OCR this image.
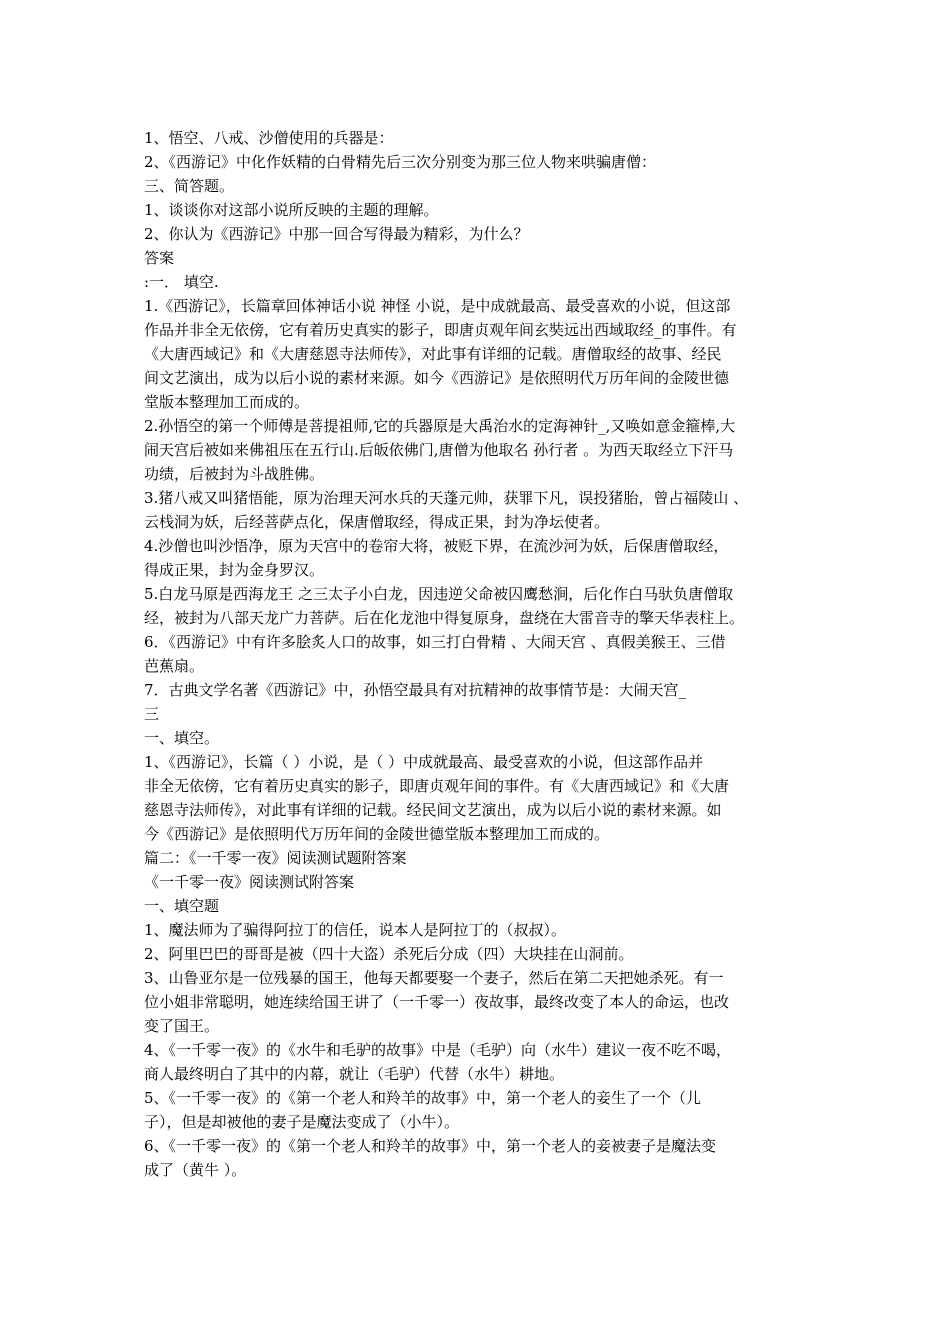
1、悟空、八戒、沙僧使用的兵器是：

2、《西游记》中化作妖精的白骨精先后三次分别变为那三位人物来哄骗唐僧：

三、简答题。

1、谈谈你对这部小说所反映的主题的理解。

2、你认为《西游记》中那一回合写得最为精彩，为什么？

答案

:一． 填空.

1.《西游记》，长篇章回体神话小说 神怪 小说，是中成就最高、最受喜欢的小说，但这部

作品并非全无依傍，它有着历史真实的影子，即唐贞观年间玄奘远出西域取经_的事件。有

《大唐西域记》和《大唐慈恩寺法师传》，对此事有详细的记载。唐僧取经的故事、经民

间文艺演出，成为以后小说的素材来源。如今《西游记》是依照明代万历年间的金陵世德

堂版本整理加工而成的。

2.孙悟空的第一个师傅是菩提祖师,它的兵器原是大禹治水的定海神针_,又唤如意金箍棒,大

闹天宫后被如来佛祖压在五行山.后皈依佛门,唐僧为他取名 孙行者 。为西天取经立下汗马

功绩，后被封为斗战胜佛。

3.猪八戒又叫猪悟能，原为治理天河水兵的天蓬元帅，获罪下凡，误投猪胎，曾占福陵山 、

云栈洞为妖，后经菩萨点化，保唐僧取经，得成正果，封为净坛使者。

4.沙僧也叫沙悟净，原为天宫中的卷帘大将，被贬下界，在流沙河为妖，后保唐僧取经，

得成正果，封为金身罗汉。

5.白龙马原是西海龙王 之三太子小白龙，因违逆父命被囚鹰愁涧，后化作白马驮负唐僧取

经，被封为八部天龙广力菩萨。后在化龙池中得复原身，盘绕在大雷音寺的擎天华表柱上。

6．《西游记》中有许多脍炙人口的故事，如三打白骨精 、大闹天宫 、真假美猴王、三借

芭蕉扇。

7．古典文学名著《西游记》中，孙悟空最具有对抗精神的故事情节是：大闹天宫_

三

一、填空。

1、《西游记》，长篇（ ）小说，是（ ）中成就最高、最受喜欢的小说，但这部作品并

非全无依傍，它有着历史真实的影子，即唐贞观年间的事件。有《大唐西域记》和《大唐

慈恩寺法师传》，对此事有详细的记载。经民间文艺演出，成为以后小说的素材来源。如

今《西游记》是依照明代万历年间的金陵世德堂版本整理加工而成的。

篇二：《一千零一夜》阅读测试题附答案

《一千零一夜》阅读测试附答案

一、填空题

1、魔法师为了骗得阿拉丁的信任，说本人是阿拉丁的（叔叔）。

2、阿里巴巴的哥哥是被（四十大盗）杀死后分成（四）大块挂在山洞前。

3、山鲁亚尔是一位残暴的国王，他每天都要娶一个妻子，然后在第二天把她杀死。有一

位小姐非常聪明，她连续给国王讲了（一千零一）夜故事，最终改变了本人的命运，也改

变了国王。

4、《一千零一夜》的《水牛和毛驴的故事》中是（毛驴）向（水牛）建议一夜不吃不喝，

商人最终明白了其中的内幕，就让（毛驴）代替（水牛）耕地。

5、《一千零一夜》的《第一个老人和羚羊的故事》中，第一个老人的妾生了一个（儿

子），但是却被他的妻子是魔法变成了（小牛）。

6、《一千零一夜》的《第一个老人和羚羊的故事》中，第一个老人的妾被妻子是魔法变

成了（黄牛 ）。
